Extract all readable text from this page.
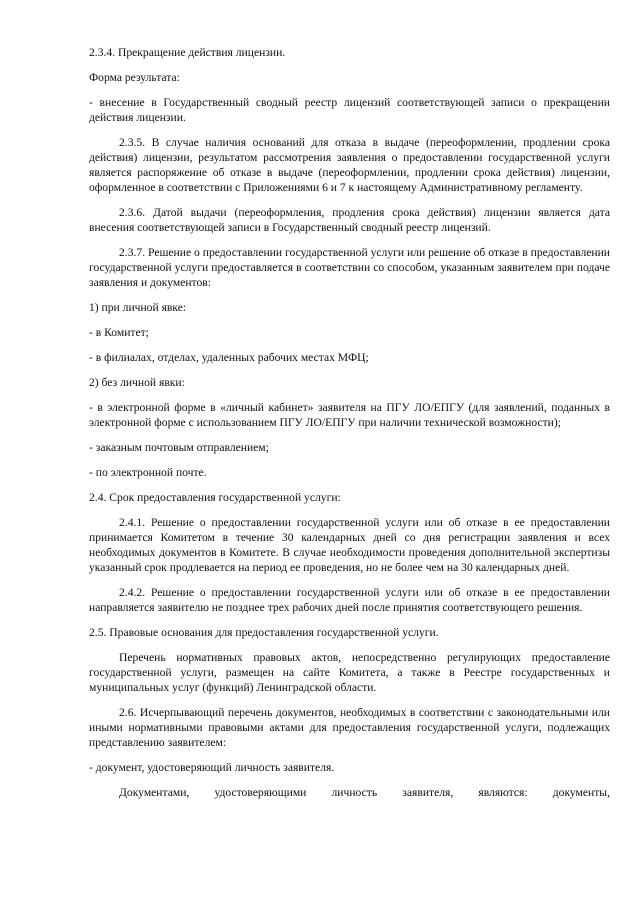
2.3.4. Прекращение действия лицензии.

Форма результата:

- внесение в Государственный сводный реестр лицензий соответствующей записи о прекращении действия лицензии.

2.3.5. В случае наличия оснований для отказа в выдаче (переоформлении, продлении срока действия) лицензии, результатом рассмотрения заявления о предоставлении государственной услуги является распоряжение об отказе в выдаче (переоформлении, продлении срока действия) лицензии, оформленное в соответствии с Приложениями 6 и 7 к настоящему Административному регламенту.

2.3.6. Датой выдачи (переоформления, продления срока действия) лицензии является дата внесения соответствующей записи в Государственный сводный реестр лицензий.

2.3.7. Решение о предоставлении государственной услуги или решение об отказе в предоставлении государственной услуги предоставляется в соответствии со способом, указанным заявителем при подаче заявления и документов:

1) при личной явке:

- в Комитет;

- в филиалах, отделах, удаленных рабочих местах МФЦ;

2) без личной явки:

- в электронной форме в «личный кабинет» заявителя на ПГУ ЛО/ЕПГУ (для заявлений, поданных в электронной форме с использованием ПГУ ЛО/ЕПГУ при наличии технической возможности);

- заказным почтовым отправлением;

- по электронной почте.

2.4. Срок предоставления государственной услуги:

2.4.1. Решение о предоставлении государственной услуги или об отказе в ее предоставлении принимается Комитетом в течение 30 календарных дней со дня регистрации заявления и всех необходимых документов в Комитете. В случае необходимости проведения дополнительной экспертизы указанный срок продлевается на период ее проведения, но не более чем на 30 календарных дней.

2.4.2. Решение о предоставлении государственной услуги или об отказе в ее предоставлении направляется заявителю не позднее трех рабочих дней после принятия соответствующего решения.

2.5. Правовые основания для предоставления государственной услуги.

Перечень нормативных правовых актов, непосредственно регулирующих предоставление государственной услуги, размещен на сайте Комитета, а также в Реестре государственных и муниципальных услуг (функций) Ленинградской области.

2.6. Исчерпывающий перечень документов, необходимых в соответствии с законодательными или иными нормативными правовыми актами для предоставления государственной услуги, подлежащих представлению заявителем:

- документ, удостоверяющий личность заявителя.

Документами, удостоверяющими личность заявителя, являются: документы,
